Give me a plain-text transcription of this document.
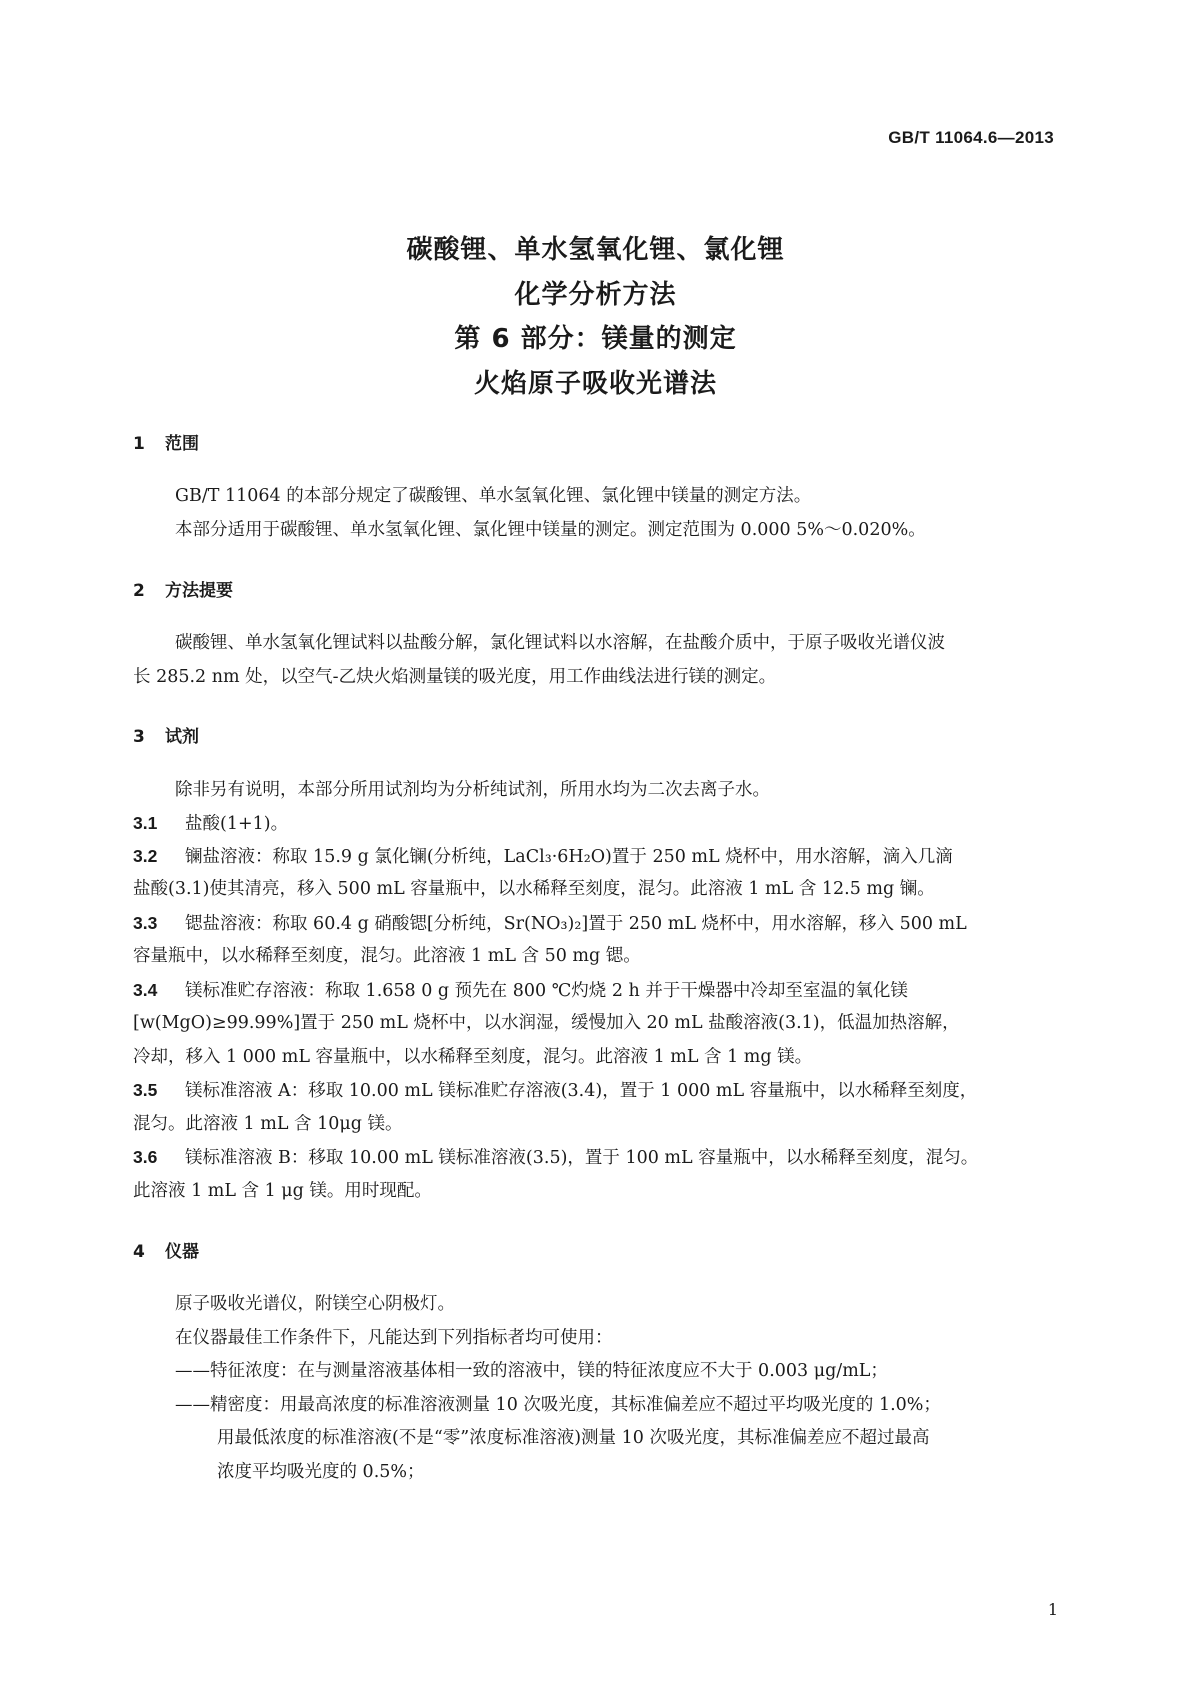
GB/T 11064.6—2013
碳酸锂、单水氢氧化锂、氯化锂
化学分析方法
第 6 部分：镁量的测定
火焰原子吸收光谱法
1 范围
GB/T 11064 的本部分规定了碳酸锂、单水氢氧化锂、氯化锂中镁量的测定方法。
本部分适用于碳酸锂、单水氢氧化锂、氯化锂中镁量的测定。测定范围为 0.000 5%～0.020%。
2 方法提要
碳酸锂、单水氢氧化锂试料以盐酸分解，氯化锂试料以水溶解，在盐酸介质中，于原子吸收光谱仪波
长 285.2 nm 处，以空气-乙炔火焰测量镁的吸光度，用工作曲线法进行镁的测定。
3 试剂
除非另有说明，本部分所用试剂均为分析纯试剂，所用水均为二次去离子水。
3.1 盐酸(1+1)。
3.2 镧盐溶液：称取 15.9 g 氯化镧(分析纯，LaCl₃·6H₂O)置于 250 mL 烧杯中，用水溶解，滴入几滴
盐酸(3.1)使其清亮，移入 500 mL 容量瓶中，以水稀释至刻度，混匀。此溶液 1 mL 含 12.5 mg 镧。
3.3 锶盐溶液：称取 60.4 g 硝酸锶[分析纯，Sr(NO₃)₂]置于 250 mL 烧杯中，用水溶解，移入 500 mL
容量瓶中，以水稀释至刻度，混匀。此溶液 1 mL 含 50 mg 锶。
3.4 镁标准贮存溶液：称取 1.658 0 g 预先在 800 ℃灼烧 2 h 并于干燥器中冷却至室温的氧化镁
[w(MgO)≥99.99%]置于 250 mL 烧杯中，以水润湿，缓慢加入 20 mL 盐酸溶液(3.1)，低温加热溶解，
冷却，移入 1 000 mL 容量瓶中，以水稀释至刻度，混匀。此溶液 1 mL 含 1 mg 镁。
3.5 镁标准溶液 A：移取 10.00 mL 镁标准贮存溶液(3.4)，置于 1 000 mL 容量瓶中，以水稀释至刻度，
混匀。此溶液 1 mL 含 10μg 镁。
3.6 镁标准溶液 B：移取 10.00 mL 镁标准溶液(3.5)，置于 100 mL 容量瓶中，以水稀释至刻度，混匀。
此溶液 1 mL 含 1 μg 镁。用时现配。
4 仪器
原子吸收光谱仪，附镁空心阴极灯。
在仪器最佳工作条件下，凡能达到下列指标者均可使用：
——特征浓度：在与测量溶液基体相一致的溶液中，镁的特征浓度应不大于 0.003 μg/mL；
——精密度：用最高浓度的标准溶液测量 10 次吸光度，其标准偏差应不超过平均吸光度的 1.0%；
用最低浓度的标准溶液(不是“零”浓度标准溶液)测量 10 次吸光度，其标准偏差应不超过最高
浓度平均吸光度的 0.5%；
1
